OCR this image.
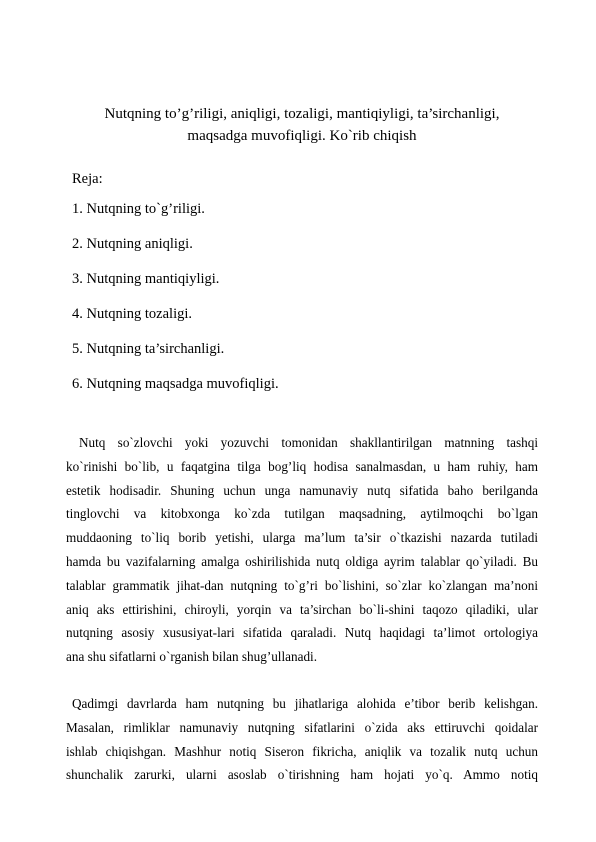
Nutqning to’g’riligi, aniqligi, tozaligi, mantiqiyligi, ta’sirchanligi,
maqsadga muvofiqligi. Ko`rib chiqish
Reja:
1. Nutqning to`g’riligi.
2. Nutqning aniqligi.
3. Nutqning mantiqiyligi.
4. Nutqning tozaligi.
5. Nutqning ta’sirchanligi.
6. Nutqning maqsadga muvofiqligi.
Nutq so`zlovchi yoki yozuvchi tomonidan shakllantirilgan matnning tashqi
ko`rinishi bo`lib, u faqatgina tilga bog’liq hodisa sanalmasdan, u ham ruhiy, ham
estetik hodisadir. Shuning uchun unga namunaviy nutq sifatida baho berilganda
tinglovchi va kitobxonga ko`zda tutilgan maqsadning, aytilmoqchi bo`lgan
muddaoning to`liq borib yetishi, ularga ma’lum ta’sir o`tkazishi nazarda tutiladi
hamda bu vazifalarning amalga oshirilishida nutq oldiga ayrim talablar qo`yiladi. Bu
talablar grammatik jihat-dan nutqning to`g’ri bo`lishini, so`zlar ko`zlangan ma’noni
aniq aks ettirishini, chiroyli, yorqin va ta’sirchan bo`li-shini taqozo qiladiki, ular
nutqning asosiy xususiyat-lari sifatida qaraladi. Nutq haqidagi ta’limot ortologiya
ana shu sifatlarni o`rganish bilan shug’ullanadi.
Qadimgi davrlarda ham nutqning bu jihatlariga alohida e’tibor berib kelishgan.
Masalan, rimliklar namunaviy nutqning sifatlarini o`zida aks ettiruvchi qoidalar
ishlab chiqishgan. Mashhur notiq Siseron fikricha, aniqlik va tozalik nutq uchun
shunchalik zarurki, ularni asoslab o`tirishning ham hojati yo`q. Ammo notiq
